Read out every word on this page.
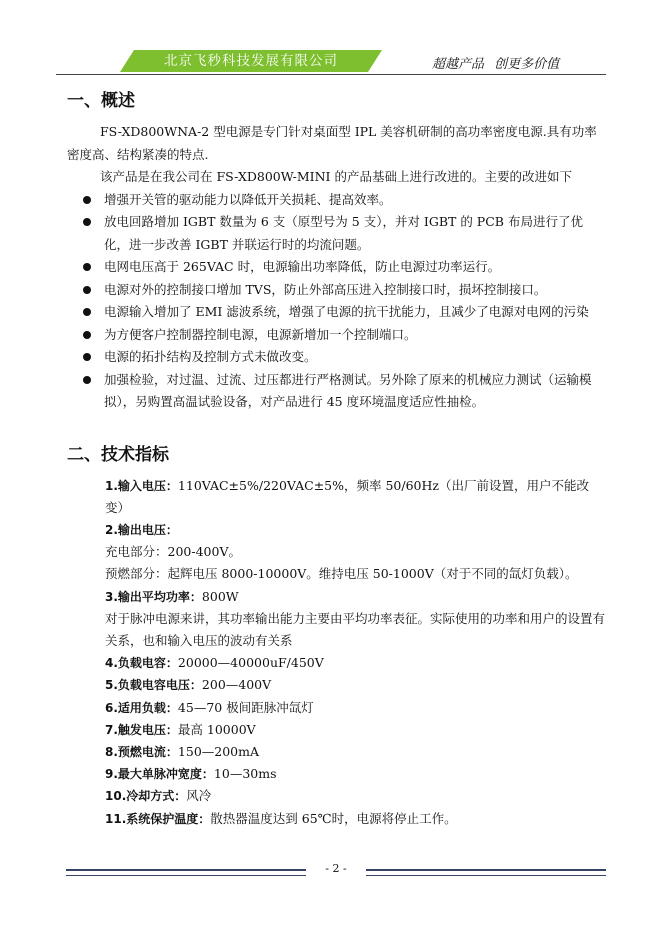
北京飞秒科技发展有限公司	超越产品 创更多价值
一、概述

FS-XD800WNA-2 型电源是专门针对桌面型 IPL 美容机研制的高功率密度电源.具有功率密度高、结构紧凑的特点.

该产品是在我公司在 FS-XD800W-MINI 的产品基础上进行改进的。主要的改进如下

增强开关管的驱动能力以降低开关损耗、提高效率。
放电回路增加 IGBT 数量为 6 支（原型号为 5 支），并对 IGBT 的 PCB 布局进行了优化，进一步改善 IGBT 并联运行时的均流问题。
电网电压高于 265VAC 时，电源输出功率降低，防止电源过功率运行。
电源对外的控制接口增加 TVS，防止外部高压进入控制接口时，损坏控制接口。
电源输入增加了 EMI 滤波系统，增强了电源的抗干扰能力，且减少了电源对电网的污染
为方便客户控制器控制电源，电源新增加一个控制端口。
电源的拓扑结构及控制方式未做改变。
加强检验，对过温、过流、过压都进行严格测试。另外除了原来的机械应力测试（运输模拟），另购置高温试验设备，对产品进行 45 度环境温度适应性抽检。
二、技术指标

1.输入电压：110VAC±5%/220VAC±5%，频率 50/60Hz（出厂前设置，用户不能改变）

2.输出电压：

充电部分：200-400V。

预燃部分：起辉电压 8000-10000V。维持电压 50-1000V（对于不同的氙灯负载）。

3.输出平均功率：800W

对于脉冲电源来讲，其功率输出能力主要由平均功率表征。实际使用的功率和用户的设置有关系，也和输入电压的波动有关系

4.负载电容：20000—40000uF/450V

5.负载电容电压：200—400V

6.适用负载：45—70 极间距脉冲氙灯

7.触发电压：最高 10000V

8.预燃电流：150—200mA

9.最大单脉冲宽度：10—30ms

10.冷却方式：风冷

11.系统保护温度：散热器温度达到 65℃时，电源将停止工作。

- 2 -
